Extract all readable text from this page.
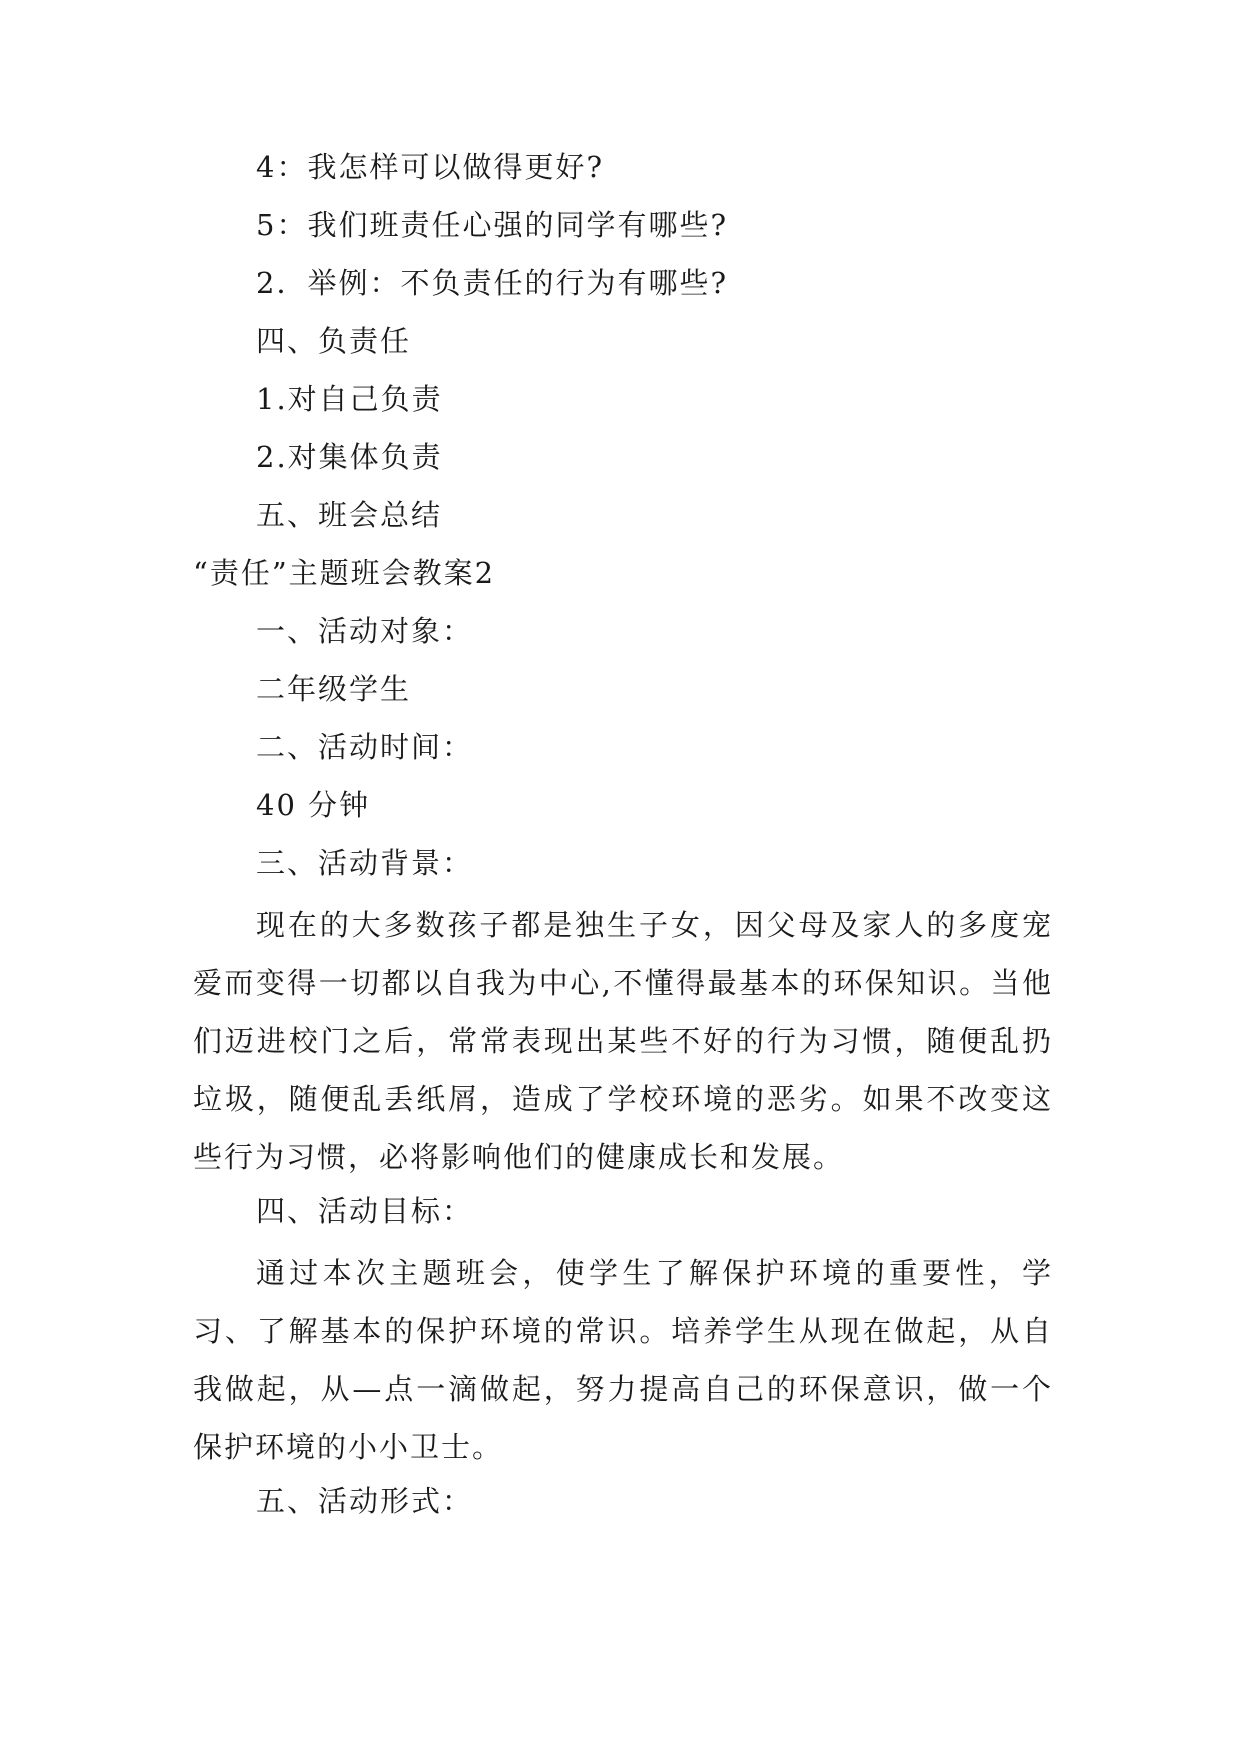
4：我怎样可以做得更好?
5：我们班责任心强的同学有哪些?
2．举例：不负责任的行为有哪些?
四、负责任
1.对自己负责
2.对集体负责
五、班会总结
“责任”主题班会教案2
一、活动对象：
二年级学生
二、活动时间：
40 分钟
三、活动背景：
现在的大多数孩子都是独生子女，因父母及家人的多度宠爱而变得一切都以自我为中心,不懂得最基本的环保知识。当他们迈进校门之后，常常表现出某些不好的行为习惯，随便乱扔垃圾，随便乱丢纸屑，造成了学校环境的恶劣。如果不改变这些行为习惯，必将影响他们的健康成长和发展。
四、活动目标：
通过本次主题班会，使学生了解保护环境的重要性，学习、了解基本的保护环境的常识。培养学生从现在做起，从自我做起，从—点一滴做起，努力提高自己的环保意识，做一个保护环境的小小卫士。
五、活动形式：
